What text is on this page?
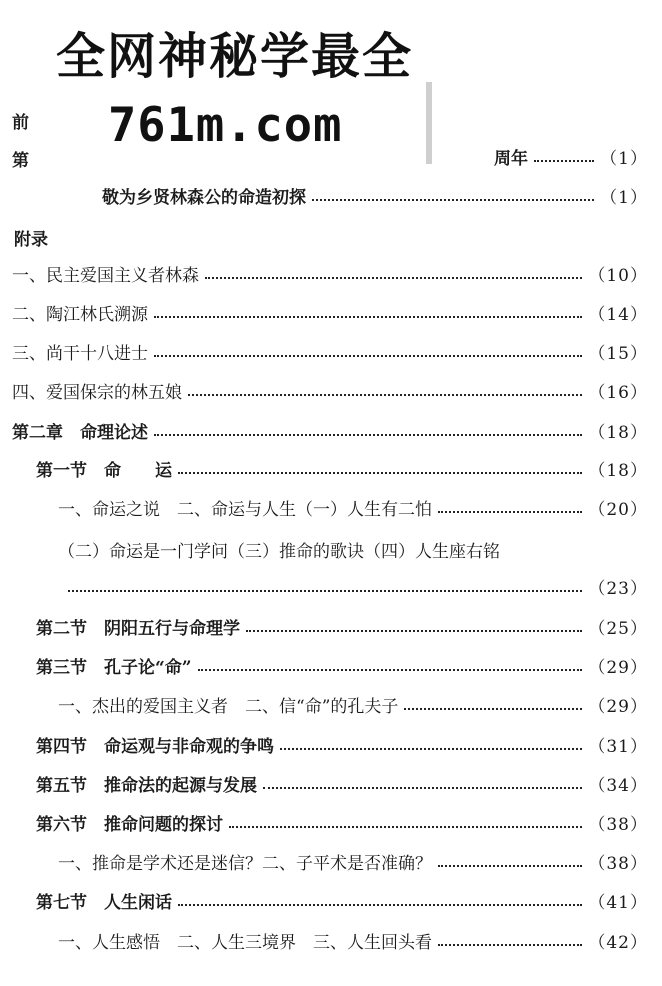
前
第	周年	（1）
全网神秘学最全
761m.com
敬为乡贤林森公的命造初探	（1）
附录
一、民主爱国主义者林森	（10）
二、陶江林氏溯源	（14）
三、尚干十八进士	（15）
四、爱国保宗的林五娘	（16）
第二章　命理论述	（18）
第一节　命　　运	（18）
一、命运之说　二、命运与人生（一）人生有二怕	（20）
（二）命运是一门学问（三）推命的歌诀（四）人生座右铭
（23）
第二节　阴阳五行与命理学	（25）
第三节　孔子论“命”	（29）
一、杰出的爱国主义者　二、信“命”的孔夫子	（29）
第四节　命运观与非命观的争鸣	（31）
第五节　推命法的起源与发展	（34）
第六节　推命问题的探讨	（38）
一、推命是学术还是迷信？二、子平术是否准确？	（38）
第七节　人生闲话	（41）
一、人生感悟　二、人生三境界　三、人生回头看	（42）
